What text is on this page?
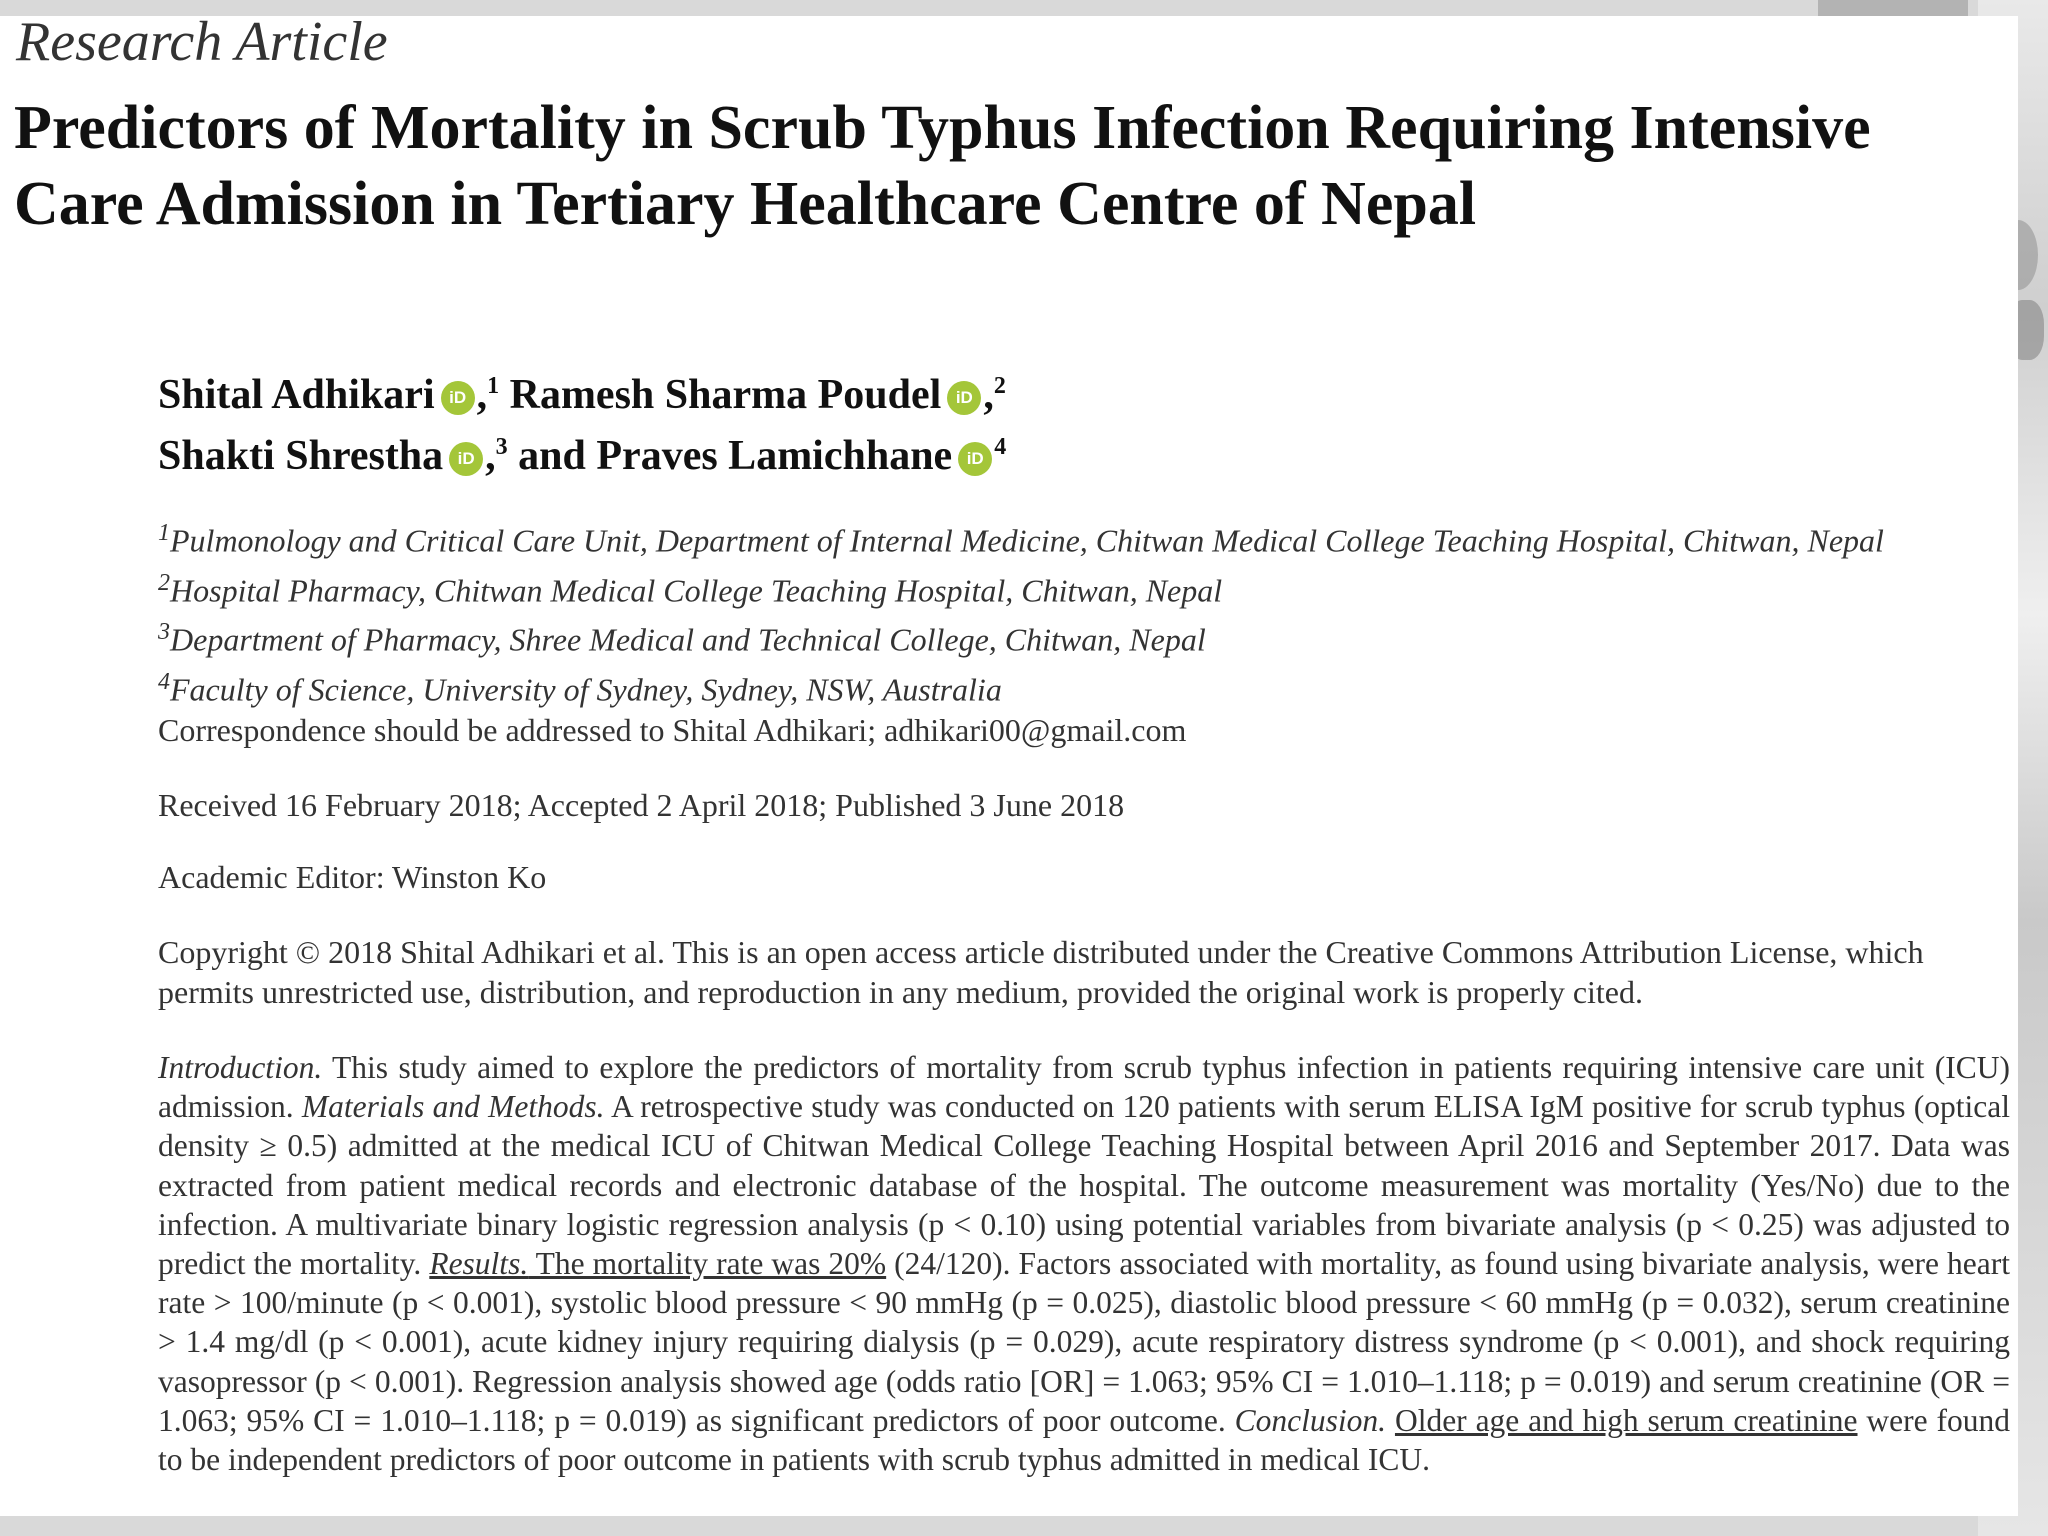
Research Article
Predictors of Mortality in Scrub Typhus Infection Requiring Intensive Care Admission in Tertiary Healthcare Centre of Nepal
Shital Adhikari iD ,$^1$ Ramesh Sharma Poudel iD ,$^2$
Shakti Shrestha iD ,$^3$ and Praves Lamichhane iD $^4$
$^1$Pulmonology and Critical Care Unit, Department of Internal Medicine, Chitwan Medical College Teaching Hospital, Chitwan, Nepal
$^2$Hospital Pharmacy, Chitwan Medical College Teaching Hospital, Chitwan, Nepal
$^3$Department of Pharmacy, Shree Medical and Technical College, Chitwan, Nepal
$^4$Faculty of Science, University of Sydney, Sydney, NSW, Australia
Correspondence should be addressed to Shital Adhikari; adhikari00@gmail.com
Received 16 February 2018; Accepted 2 April 2018; Published 3 June 2018
Academic Editor: Winston Ko
Copyright © 2018 Shital Adhikari et al. This is an open access article distributed under the Creative Commons Attribution License, which permits unrestricted use, distribution, and reproduction in any medium, provided the original work is properly cited.
Introduction. This study aimed to explore the predictors of mortality from scrub typhus infection in patients requiring intensive care unit (ICU) admission. Materials and Methods. A retrospective study was conducted on 120 patients with serum ELISA IgM positive for scrub typhus (optical density ≥ 0.5) admitted at the medical ICU of Chitwan Medical College Teaching Hospital between April 2016 and September 2017. Data was extracted from patient medical records and electronic database of the hospital. The outcome measurement was mortality (Yes/No) due to the infection. A multivariate binary logistic regression analysis (p < 0.10) using potential variables from bivariate analysis (p < 0.25) was adjusted to predict the mortality. Results. The mortality rate was 20% (24/120). Factors associated with mortality, as found using bivariate analysis, were heart rate > 100/minute (p < 0.001), systolic blood pressure < 90 mmHg (p = 0.025), diastolic blood pressure < 60 mmHg (p = 0.032), serum creatinine > 1.4 mg/dl (p < 0.001), acute kidney injury requiring dialysis (p = 0.029), acute respiratory distress syndrome (p < 0.001), and shock requiring vasopressor (p < 0.001). Regression analysis showed age (odds ratio [OR] = 1.063; 95% CI = 1.010–1.118; p = 0.019) and serum creatinine (OR = 1.063; 95% CI = 1.010–1.118; p = 0.019) as significant predictors of poor outcome. Conclusion. Older age and high serum creatinine were found to be independent predictors of poor outcome in patients with scrub typhus admitted in medical ICU.
